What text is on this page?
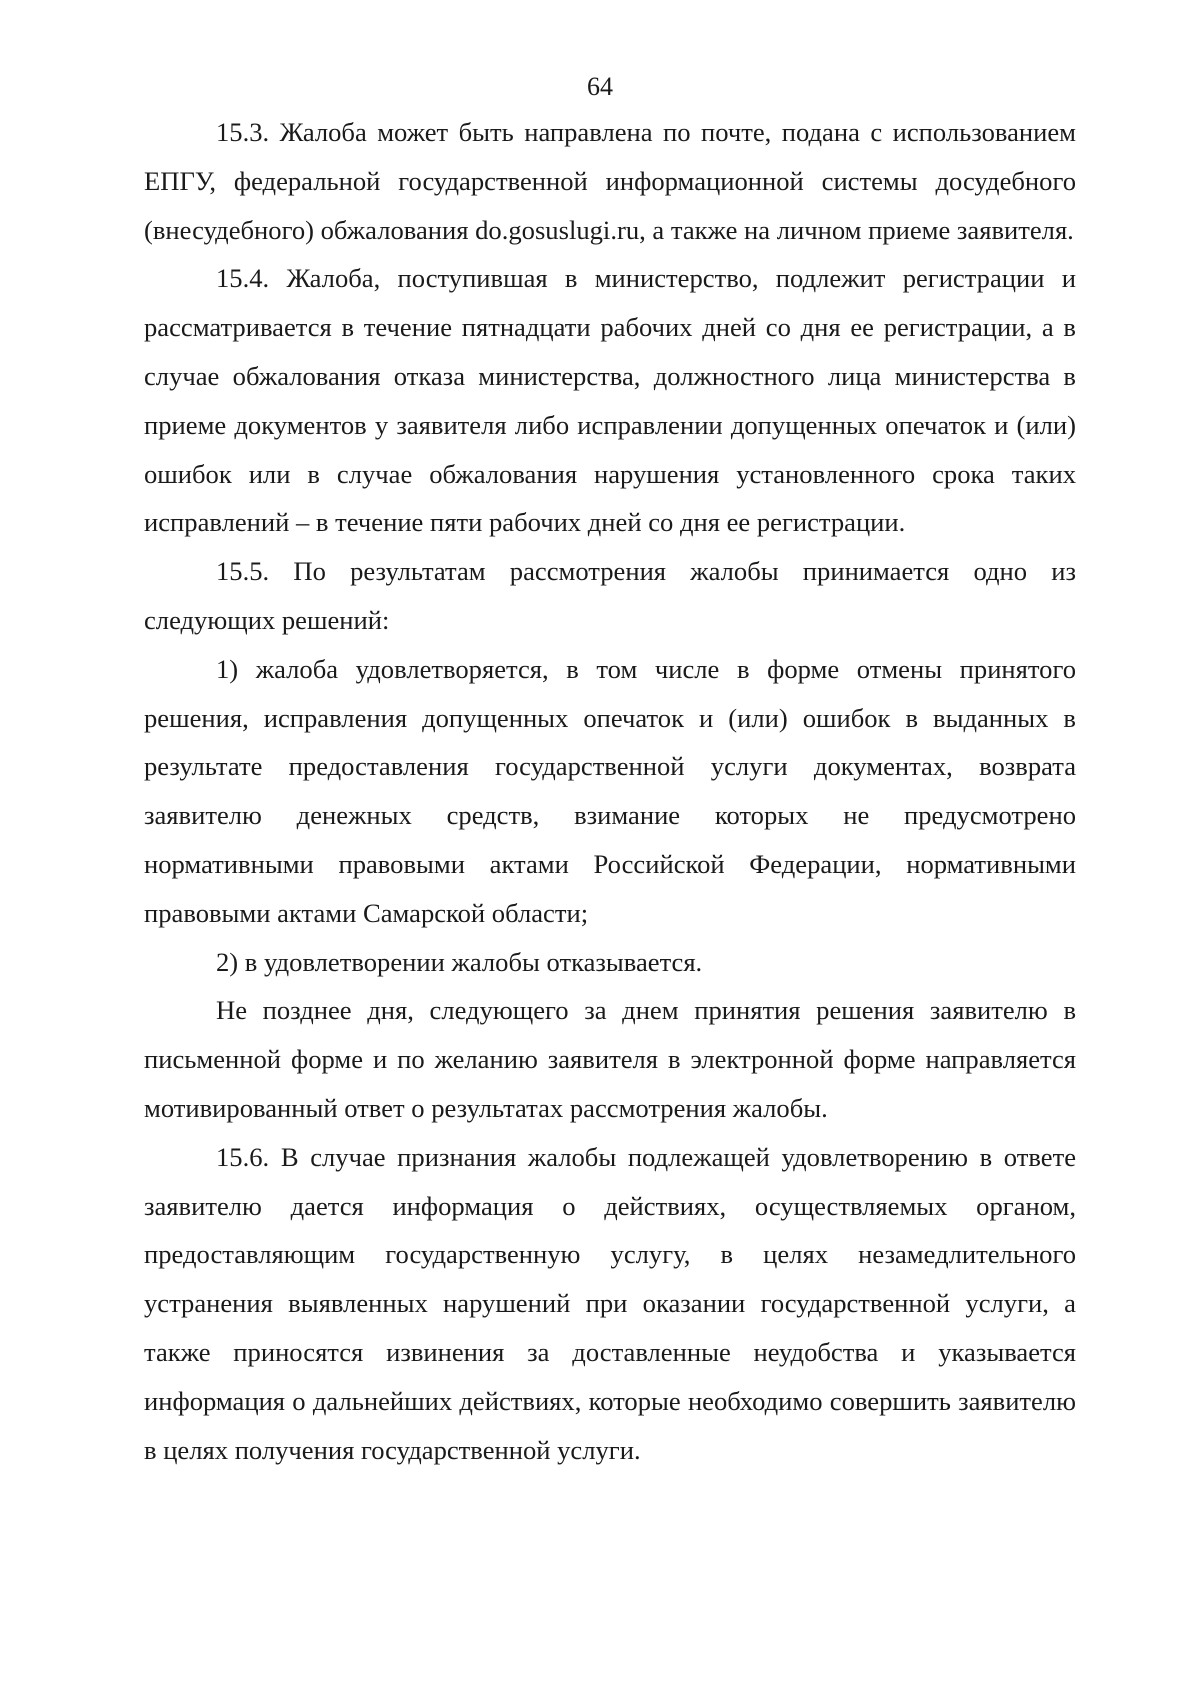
64

15.3. Жалоба может быть направлена по почте, подана с использованием ЕПГУ, федеральной государственной информационной системы досудебного (внесудебного) обжалования do.gosuslugi.ru, а также на личном приеме заявителя.

15.4. Жалоба, поступившая в министерство, подлежит регистрации и рассматривается в течение пятнадцати рабочих дней со дня ее регистрации, а в случае обжалования отказа министерства, должностного лица министерства в приеме документов у заявителя либо исправлении допущенных опечаток и (или) ошибок или в случае обжалования нарушения установленного срока таких исправлений – в течение пяти рабочих дней со дня ее регистрации.

15.5. По результатам рассмотрения жалобы принимается одно из следующих решений:

1) жалоба удовлетворяется, в том числе в форме отмены принятого решения, исправления допущенных опечаток и (или) ошибок в выданных в результате предоставления государственной услуги документах, возврата заявителю денежных средств, взимание которых не предусмотрено нормативными правовыми актами Российской Федерации, нормативными правовыми актами Самарской области;

2) в удовлетворении жалобы отказывается.

Не позднее дня, следующего за днем принятия решения заявителю в письменной форме и по желанию заявителя в электронной форме направляется мотивированный ответ о результатах рассмотрения жалобы.

15.6. В случае признания жалобы подлежащей удовлетворению в ответе заявителю дается информация о действиях, осуществляемых органом, предоставляющим государственную услугу, в целях незамедлительного устранения выявленных нарушений при оказании государственной услуги, а также приносятся извинения за доставленные неудобства и указывается информация о дальнейших действиях, которые необходимо совершить заявителю в целях получения государственной услуги.
